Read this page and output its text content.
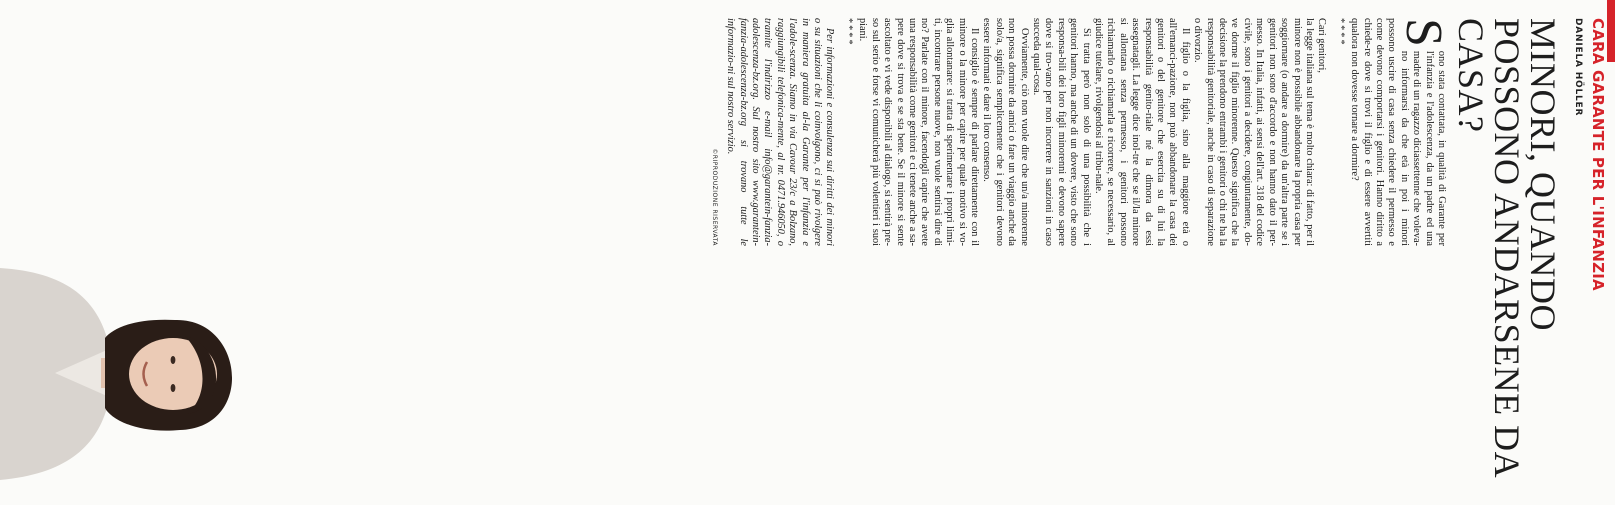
CARA GARANTE PER L'INFANZIA
DANIELA HÖLLER
MINORI, QUANDO POSSONO ANDARSENE DA CASA?

S
ono stata contattata, in qualità di Garante per l'infanzia e l'adolescenza, da un padre ed una madre di un ragazzo diciassettenne che voleva-no informarsi da che età in poi i minori possono uscire di casa senza chiedere il permesso e come devono comportarsi i genitori. Hanno diritto a chiede-re dove si trovi il figlio e di essere avvertiti qualora non dovesse tornare a dormire?

****

Cari genitori,

la legge italiana sul tema è molto chiara: di fatto, per il minore non è possibile abbandonare la propria casa per soggiornare (o andare a dormire) da un'altra parte se i genitori non sono d'accordo e non hanno dato il per-messo. In Italia, infatti, ai sensi dell'art. 318 del codice civile, sono i genitori a decidere, congiuntamente, do-ve dorme il figlio minorenne. Questo significa che la decisione la prendono entrambi i genitori o chi ne ha la responsabilità genitoriale, anche in caso di separazione o divorzio.

Il figlio o la figlia, sino alla maggiore età o all'emanci-pazione, non può abbandonare la casa dei genitori o del genitore che esercita su di lui la responsabilità genito-riale né la dimora da essi assegnatagli. La legge dice inol-tre che se il/la minore si allontana senza permesso, i genitori possono richiamarlo o richiamarla e ricorrere, se necessario, al giudice tutelare, rivolgendosi al tribu-nale.

Si tratta però non solo di una possibilità che i genitori hanno, ma anche di un dovere, visto che sono responsa-bili dei loro figli minorenni e devono sapere dove si tro-vano per non incorrere in sanzioni in caso succeda qual-cosa.

Ovviamente, ciò non vuole dire che un/a minorenne non possa dormire da amici o fare un viaggio anche da solo/a, significa semplicemente che i genitori devono essere informati e dare il loro consenso.

Il consiglio è sempre di parlare direttamente con il minore o la minore per capire per quale motivo si vo-glia allontanare: si tratta di sperimentare i propri limi-ti, incontrare persone nuove, non vuole sentirsi dire di no? Parlate con il minore, facendogli capire che avete una responsabilità come genitori e ci tenete anche a sa-pere dove si trova e se sta bene. Se il minore si sente ascoltato e vi vede disponibili al dialogo, si sentirà pre-so sul serio e forse vi comunicherà più volentieri i suoi piani.

****

Per informazioni e consulenza sui diritti dei minori o su situazioni che li coinvolgono, ci si può rivolgere in maniera gratuita al-la Garante per l'infanzia e l'adole-scenza. Siamo in via Cavour 23/c a Bolzano, raggiungibili telefonica-mente, al nr. 0471.946050, o tramite l'indirizzo e-mail info@garantein-fanzia-adolescenza-bz.org. Sul nostro sito www.garantein-fanzia-adolescenza-bz.org si trovano tutte le informazio-ni sul nostro servizio.

©RIPRODUZIONE RISERVATA
